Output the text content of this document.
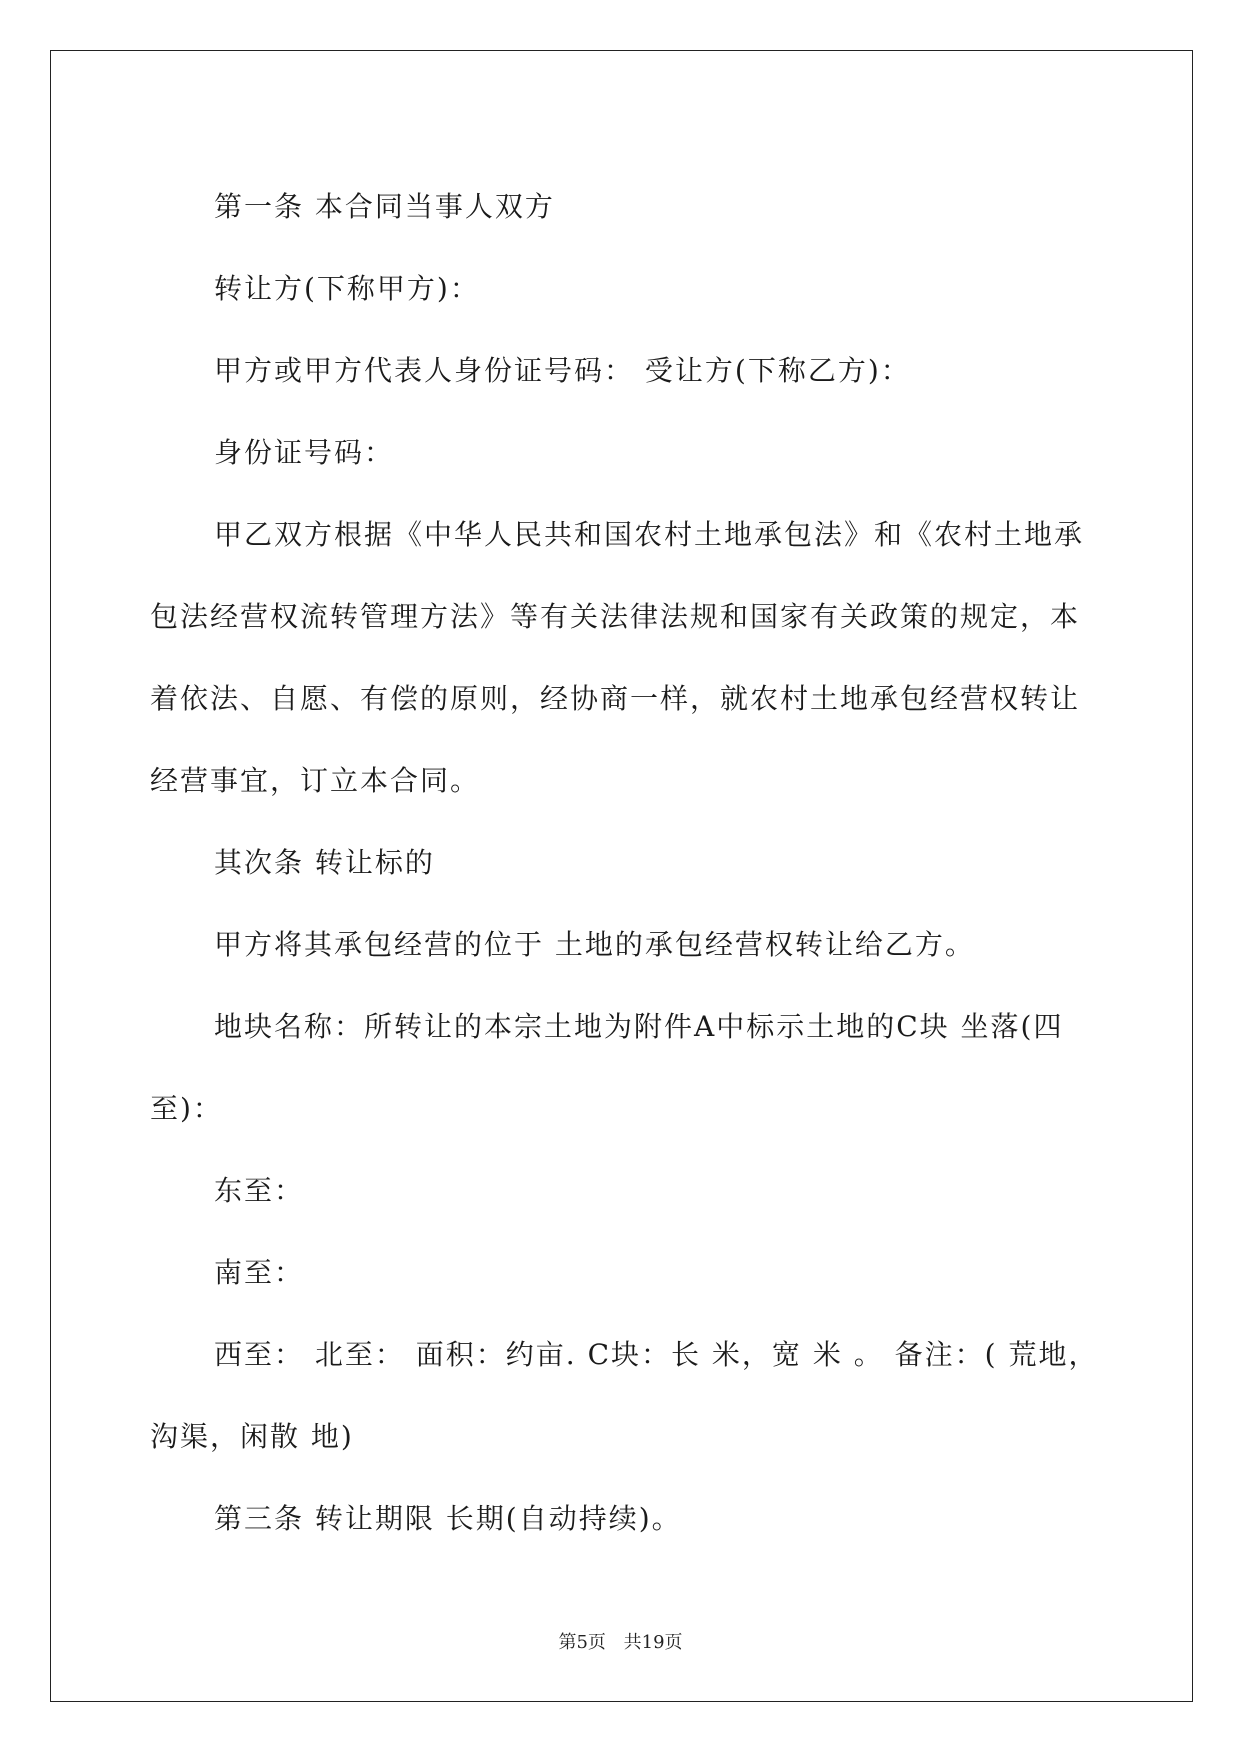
第一条 本合同当事人双方

转让方(下称甲方)：

甲方或甲方代表人身份证号码： 受让方(下称乙方)：

身份证号码：

甲乙双方根据《中华人民共和国农村土地承包法》和《农村土地承包法经营权流转管理方法》等有关法律法规和国家有关政策的规定，本着依法、自愿、有偿的原则，经协商一样，就农村土地承包经营权转让经营事宜，订立本合同。

其次条 转让标的

甲方将其承包经营的位于 土地的承包经营权转让给乙方。

地块名称：所转让的本宗土地为附件A中标示土地的C块 坐落(四至)：

东至：

南至：

西至： 北至： 面积：约亩. C块：长 米，宽 米 。 备注：( 荒地，沟渠，闲散 地)

第三条 转让期限 长期(自动持续)。

第5页 共19页
